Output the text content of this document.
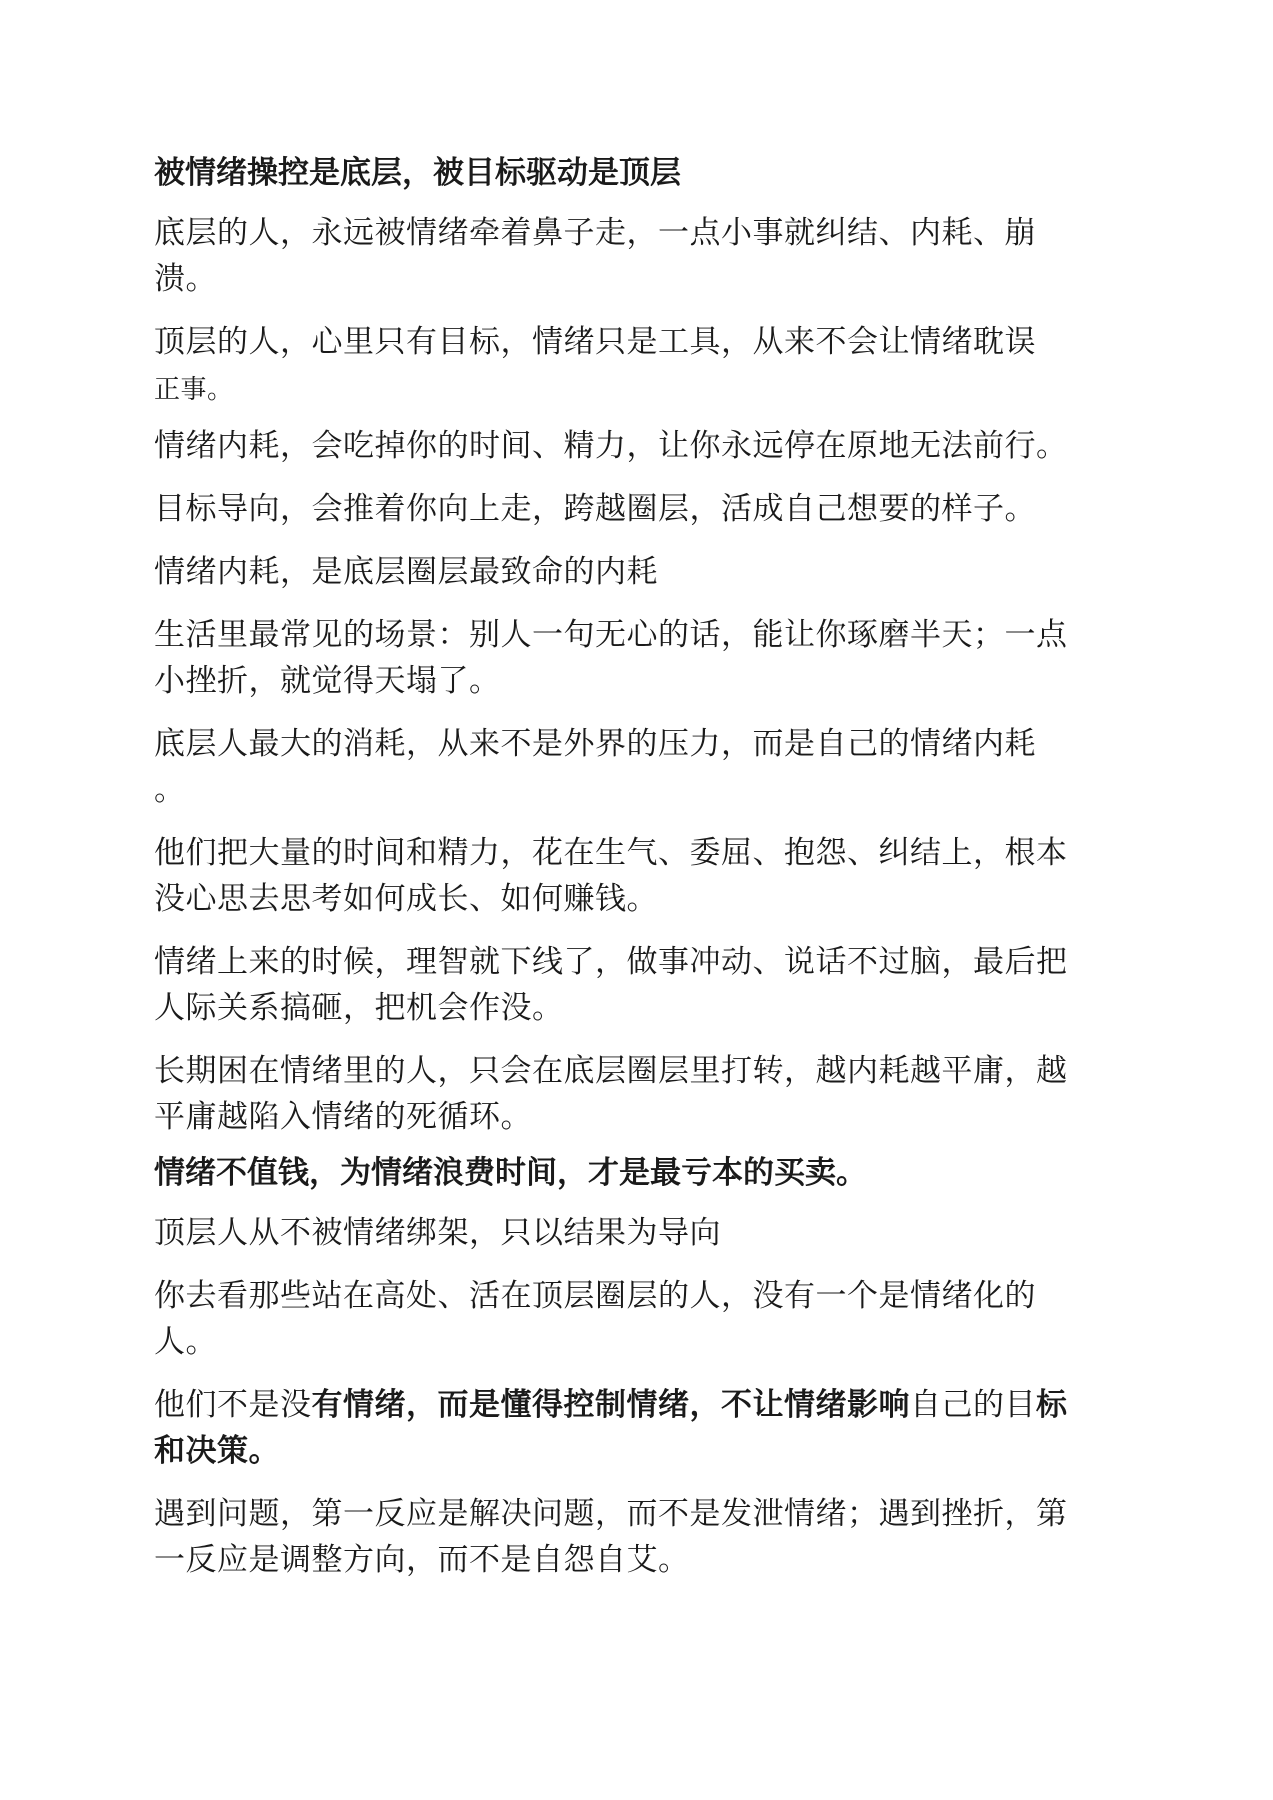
被情绪操控是底层，被目标驱动是顶层
底层的人，永远被情绪牵着鼻子走，一点小事就纠结、内耗、崩溃。
顶层的人，心里只有目标，情绪只是工具，从来不会让情绪耽误
正事。
情绪内耗，会吃掉你的时间、精力，让你永远停在原地无法前行。
目标导向，会推着你向上走，跨越圈层，活成自己想要的样子。
情绪内耗，是底层圈层最致命的内耗
生活里最常见的场景：别人一句无心的话，能让你琢磨半天；一点小挫折，就觉得天塌了。
底层人最大的消耗，从来不是外界的压力，而是自己的情绪内耗
。
他们把大量的时间和精力，花在生气、委屈、抱怨、纠结上，根本没心思去思考如何成长、如何赚钱。
情绪上来的时候，理智就下线了，做事冲动、说话不过脑，最后把人际关系搞砸，把机会作没。
长期困在情绪里的人，只会在底层圈层里打转，越内耗越平庸，越平庸越陷入情绪的死循环。
情绪不值钱，为情绪浪费时间，才是最亏本的买卖。
顶层人从不被情绪绑架，只以结果为导向
你去看那些站在高处、活在顶层圈层的人，没有一个是情绪化的人。
他们不是没有情绪，而是懂得控制情绪，不让情绪影响自己的目标和决策。
遇到问题，第一反应是解决问题，而不是发泄情绪；遇到挫折，第一反应是调整方向，而不是自怨自艾。
